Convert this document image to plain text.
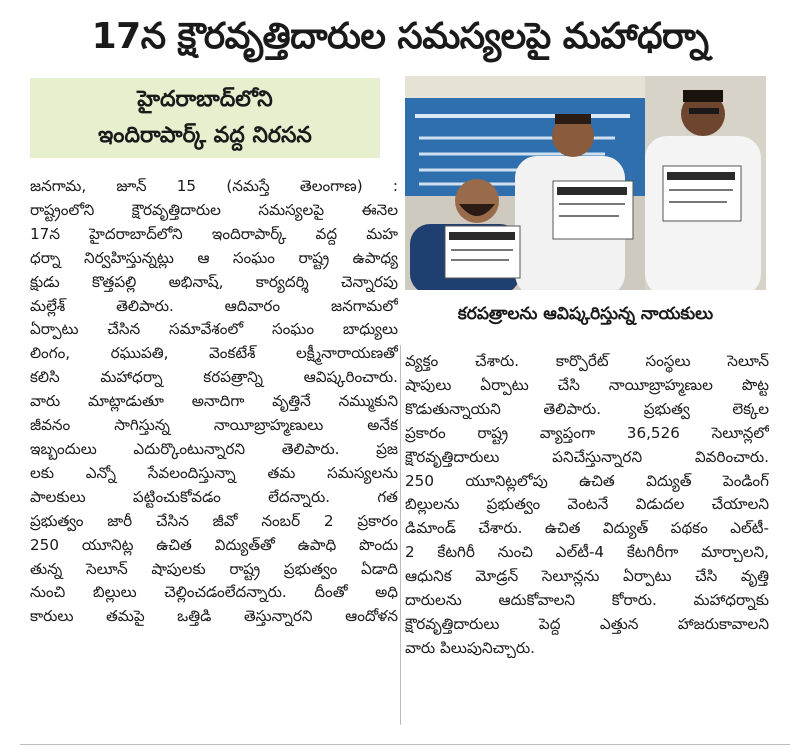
17న క్షౌరవృత్తిదారుల సమస్యలపై మహాధర్నా
హైదరాబాద్‌లోని
ఇందిరాపార్క్ వద్ద నిరసన
కరపత్రాలను ఆవిష్కరిస్తున్న నాయకులు
జనగామ, జూన్ 15 (నమస్తే తెలంగాణ) :
రాష్ట్రంలోని క్షౌరవృత్తిదారుల సమస్యలపై ఈనెల
17న హైదరాబాద్‌లోని ఇందిరాపార్క్ వద్ద మహ
ధర్నా నిర్వహిస్తున్నట్లు ఆ సంఘం రాష్ట్ర ఉపాధ్య
క్షుడు కొత్తపల్లి అభినాష్, కార్యదర్శి చెన్నారపు
మల్లేశ్ తెలిపారు. ఆదివారం జనగామలో
ఏర్పాటు చేసిన సమావేశంలో సంఘం బాధ్యులు
లింగం, రఘుపతి, వెంకటేశ్ లక్ష్మీనారాయణతో
కలిసి మహాధర్నా కరపత్రాన్ని ఆవిష్కరించారు.
వారు మాట్లాడుతూ అనాదిగా వృత్తినే నమ్ముకుని
జీవనం సాగిస్తున్న నాయీబ్రాహ్మణులు అనేక
ఇబ్బందులు ఎదుర్కొంటున్నారని తెలిపారు. ప్రజ
లకు ఎన్నో సేవలందిస్తున్నా తమ సమస్యలను
పాలకులు పట్టించుకోవడం లేదన్నారు. గత
ప్రభుత్వం జారీ చేసిన జీవో నంబర్ 2 ప్రకారం
250 యూనిట్ల ఉచిత విద్యుత్‌తో ఉపాధి పొందు
తున్న సెలూన్ షాపులకు రాష్ట్ర ప్రభుత్వం ఏడాది
నుంచి బిల్లులు చెల్లించడంలేదన్నారు. దీంతో అధి
కారులు తమపై ఒత్తిడి తెస్తున్నారని ఆందోళన
వ్యక్తం చేశారు. కార్పొరేట్ సంస్థలు సెలూన్
షాపులు ఏర్పాటు చేసి నాయీబ్రాహ్మణుల పొట్ట
కొడుతున్నాయని తెలిపారు. ప్రభుత్వ లెక్కల
ప్రకారం రాష్ట్ర వ్యాప్తంగా 36,526 సెలూన్లలో
క్షౌరవృత్తిదారులు పనిచేస్తున్నారని వివరించారు.
250 యూనిట్లలోపు ఉచిత విద్యుత్ పెండింగ్
బిల్లులను ప్రభుత్వం వెంటనే విడుదల చేయాలని
డిమాండ్ చేశారు. ఉచిత విద్యుత్ పథకం ఎల్‌టీ-
2 కేటగిరీ నుంచి ఎల్‌టీ-4 కేటగిరీగా మార్చాలని,
ఆధునిక మోడ్రన్ సెలూన్లను ఏర్పాటు చేసి వృత్తి
దారులను ఆదుకోవాలని కోరారు. మహాధర్నాకు
క్షౌరవృత్తిదారులు పెద్ద ఎత్తున హాజరుకావాలని
వారు పిలుపునిచ్చారు.
